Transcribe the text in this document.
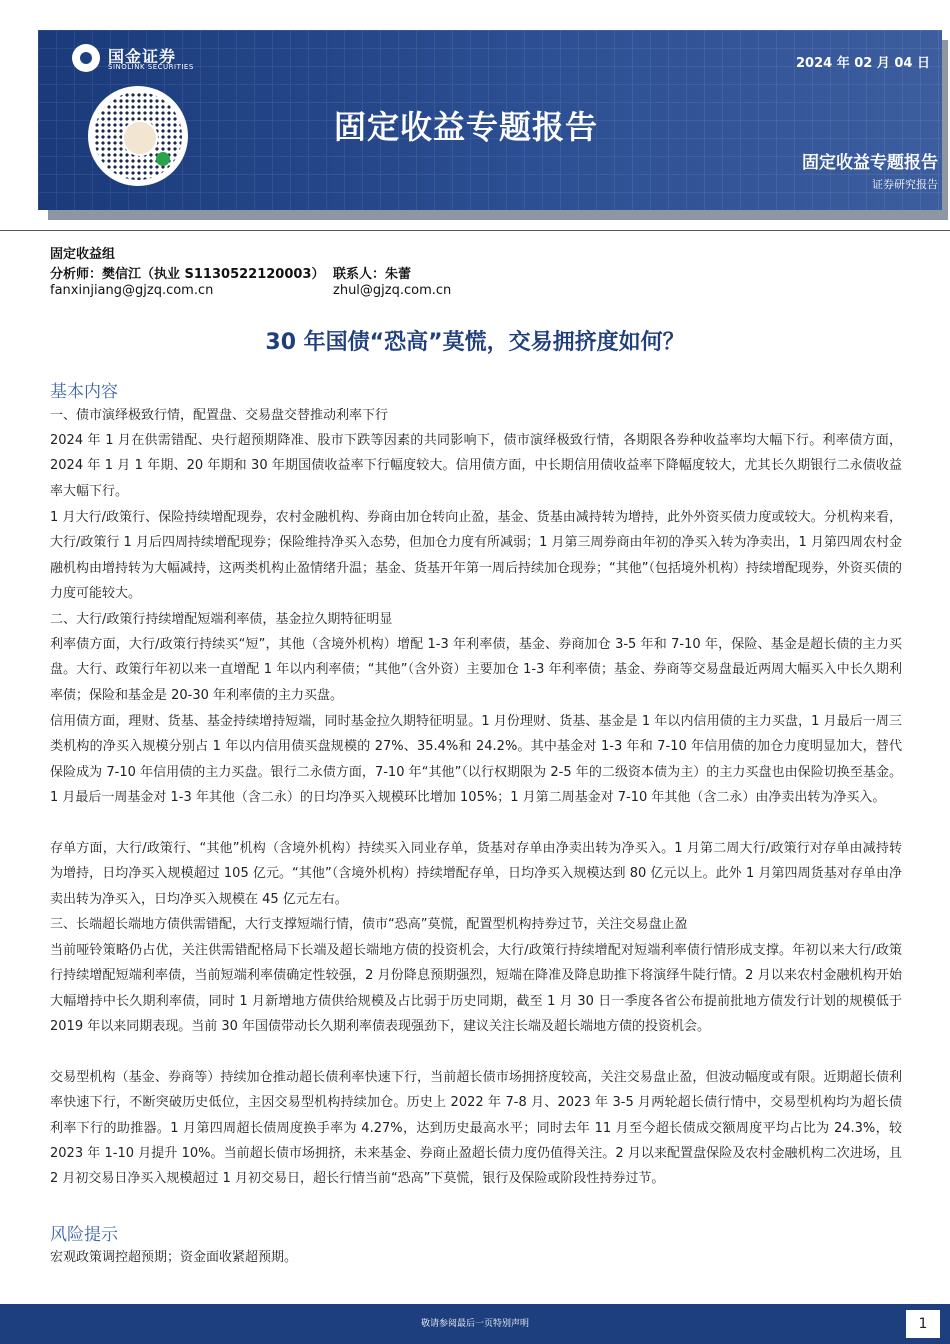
国金证券
SINOLINK SECURITIES	2024 年 02 月 04 日
固定收益专题报告
固定收益专题报告
证券研究报告
固定收益组
分析师：樊信江（执业 S1130522120003） 联系人：朱蕾
fanxinjiang@gjzq.com.cn	zhul@gjzq.com.cn
30 年国债“恐高”莫慌，交易拥挤度如何？
基本内容

一、债市演绎极致行情，配置盘、交易盘交替推动利率下行

2024 年 1 月在供需错配、央行超预期降准、股市下跌等因素的共同影响下，债市演绎极致行情，各期限各券种收益率均大幅下行。利率债方面，2024 年 1 月 1 年期、20 年期和 30 年期国债收益率下行幅度较大。信用债方面，中长期信用债收益率下降幅度较大，尤其长久期银行二永债收益率大幅下行。

1 月大行/政策行、保险持续增配现券，农村金融机构、券商由加仓转向止盈，基金、货基由减持转为增持，此外外资买债力度或较大。分机构来看，大行/政策行 1 月后四周持续增配现券；保险维持净买入态势，但加仓力度有所减弱；1 月第三周券商由年初的净买入转为净卖出，1 月第四周农村金融机构由增持转为大幅减持，这两类机构止盈情绪升温；基金、货基开年第一周后持续加仓现券；“其他”（包括境外机构）持续增配现券，外资买债的力度可能较大。

二、大行/政策行持续增配短端利率债，基金拉久期特征明显

利率债方面，大行/政策行持续买“短”，其他（含境外机构）增配 1-3 年利率债，基金、券商加仓 3-5 年和 7-10 年，保险、基金是超长债的主力买盘。大行、政策行年初以来一直增配 1 年以内利率债；“其他”（含外资）主要加仓 1-3 年利率债；基金、券商等交易盘最近两周大幅买入中长久期利率债；保险和基金是 20-30 年利率债的主力买盘。

信用债方面，理财、货基、基金持续增持短端，同时基金拉久期特征明显。1 月份理财、货基、基金是 1 年以内信用债的主力买盘，1 月最后一周三类机构的净买入规模分别占 1 年以内信用债买盘规模的 27%、35.4%和 24.2%。其中基金对 1-3 年和 7-10 年信用债的加仓力度明显加大，替代保险成为 7-10 年信用债的主力买盘。银行二永债方面，7-10 年“其他”（以行权期限为 2-5 年的二级资本债为主）的主力买盘也由保险切换至基金。1 月最后一周基金对 1-3 年其他（含二永）的日均净买入规模环比增加 105%；1 月第二周基金对 7-10 年其他（含二永）由净卖出转为净买入。

存单方面，大行/政策行、“其他”机构（含境外机构）持续买入同业存单，货基对存单由净卖出转为净买入。1 月第二周大行/政策行对存单由减持转为增持，日均净买入规模超过 105 亿元。“其他”（含境外机构）持续增配存单，日均净买入规模达到 80 亿元以上。此外 1 月第四周货基对存单由净卖出转为净买入，日均净买入规模在 45 亿元左右。

三、长端超长端地方债供需错配，大行支撑短端行情，债市“恐高”莫慌，配置型机构持券过节，关注交易盘止盈

当前哑铃策略仍占优，关注供需错配格局下长端及超长端地方债的投资机会，大行/政策行持续增配对短端利率债行情形成支撑。年初以来大行/政策行持续增配短端利率债，当前短端利率债确定性较强，2 月份降息预期强烈，短端在降准及降息助推下将演绎牛陡行情。2 月以来农村金融机构开始大幅增持中长久期利率债，同时 1 月新增地方债供给规模及占比弱于历史同期，截至 1 月 30 日一季度各省公布提前批地方债发行计划的规模低于 2019 年以来同期表现。当前 30 年国债带动长久期利率债表现强劲下，建议关注长端及超长端地方债的投资机会。

交易型机构（基金、券商等）持续加仓推动超长债利率快速下行，当前超长债市场拥挤度较高，关注交易盘止盈，但波动幅度或有限。近期超长债利率快速下行，不断突破历史低位，主因交易型机构持续加仓。历史上 2022 年 7-8 月、2023 年 3-5 月两轮超长债行情中，交易型机构均为超长债利率下行的助推器。1 月第四周超长债周度换手率为 4.27%，达到历史最高水平；同时去年 11 月至今超长债成交额周度平均占比为 24.3%，较 2023 年 1-10 月提升 10%。当前超长债市场拥挤，未来基金、券商止盈超长债力度仍值得关注。2 月以来配置盘保险及农村金融机构二次进场，且 2 月初交易日净买入规模超过 1 月初交易日，超长行情当前“恐高”下莫慌，银行及保险或阶段性持券过节。

风险提示

宏观政策调控超预期；资金面收紧超预期。

敬请参阅最后一页特别声明	1
